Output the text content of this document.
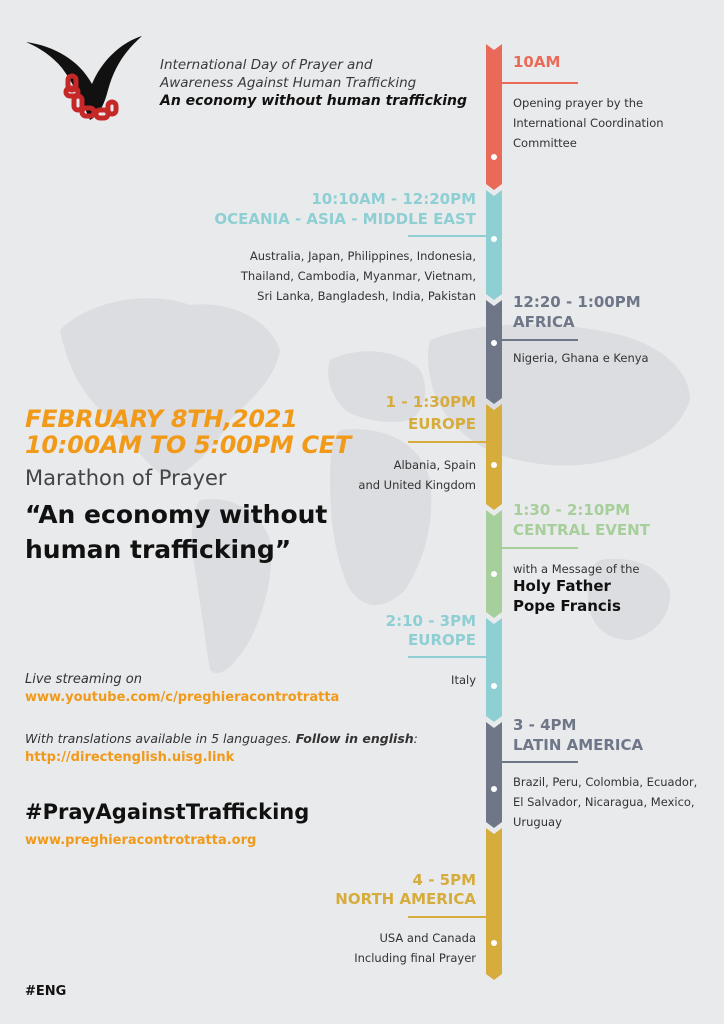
International Day of Prayer and
Awareness Against Human Trafficking
An economy without human trafficking
FEBRUARY 8TH,2021
10:00AM TO 5:00PM CET
Marathon of Prayer
“An economy without
human trafficking”
Live streaming on
www.youtube.com/c/preghieracontrotratta
With translations available in 5 languages. Follow in english:
http://directenglish.uisg.link
#PrayAgainstTrafficking
www.preghieracontrotratta.org
#ENG
10AM
Opening prayer by the
International Coordination
Committee
10:10AM - 12:20PM
OCEANIA - ASIA - MIDDLE EAST
Australia, Japan, Philippines, Indonesia,
Thailand, Cambodia, Myanmar, Vietnam,
Sri Lanka, Bangladesh, India, Pakistan 12:20 - 1:00PM
AFRICA
Nigeria, Ghana e Kenya
1 - 1:30PM
EUROPE
Albania, Spain
and United Kingdom
1:30 - 2:10PM
CENTRAL EVENT
with a Message of the
Holy Father
Pope Francis
2:10 - 3PM
EUROPE
Italy
3 - 4PM
LATIN AMERICA
Brazil, Peru, Colombia, Ecuador,
El Salvador, Nicaragua, Mexico,
Uruguay
4 - 5PM
NORTH AMERICA
USA and Canada
Including final Prayer
